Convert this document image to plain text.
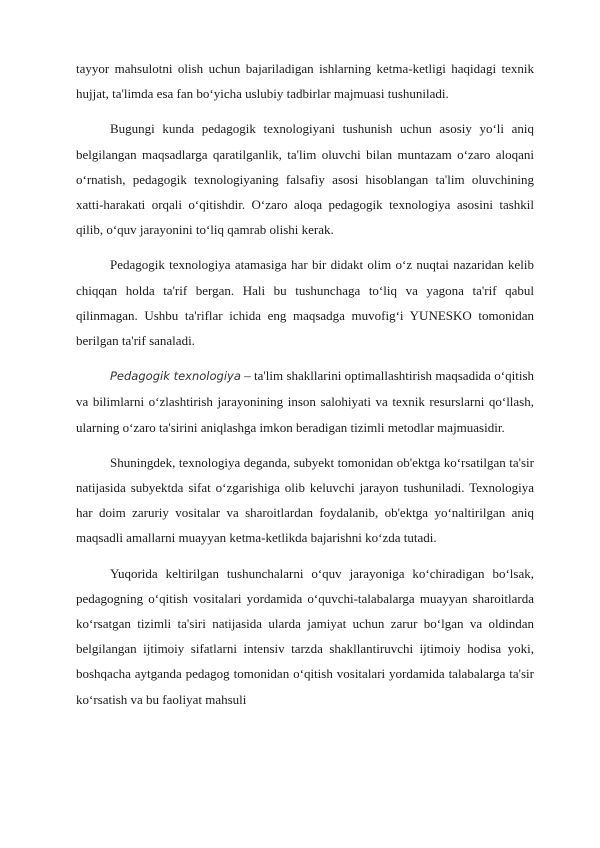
tayyor mahsulotni olish uchun bajariladigan ishlarning ketma-ketligi haqidagi texnik hujjat, ta'limda esa fan bo‘yicha uslubiy tadbirlar majmuasi tushuniladi.

Bugungi kunda pedagogik texnologiyani tushunish uchun asosiy yo‘li aniq belgilangan maqsadlarga qaratilganlik, ta'lim oluvchi bilan muntazam o‘zaro aloqani o‘rnatish, pedagogik texnologiyaning falsafiy asosi hisoblangan ta'lim oluvchining xatti-harakati orqali o‘qitishdir. O‘zaro aloqa pedagogik texnologiya asosini tashkil qilib, o‘quv jarayonini to‘liq qamrab olishi kerak.

Pedagogik texnologiya atamasiga har bir didakt olim o‘z nuqtai nazaridan kelib chiqqan holda ta'rif bergan. Hali bu tushunchaga to‘liq va yagona ta'rif qabul qilinmagan. Ushbu ta'riflar ichida eng maqsadga muvofig‘i YUNESKO tomonidan berilgan ta'rif sanaladi.

Pedagogik texnologiya – ta'lim shakllarini optimallashtirish maqsadida o‘qitish va bilimlarni o‘zlashtirish jarayonining inson salohiyati va texnik resurslarni qo‘llash, ularning o‘zaro ta'sirini aniqlashga imkon beradigan tizimli metodlar majmuasidir.

Shuningdek, texnologiya deganda, subyekt tomonidan ob'ektga ko‘rsatilgan ta'sir natijasida subyektda sifat o‘zgarishiga olib keluvchi jarayon tushuniladi. Texnologiya har doim zaruriy vositalar va sharoitlardan foydalanib, ob'ektga yo‘naltirilgan aniq maqsadli amallarni muayyan ketma-ketlikda bajarishni ko‘zda tutadi.

Yuqorida keltirilgan tushunchalarni o‘quv jarayoniga ko‘chiradigan bo‘lsak, pedagogning o‘qitish vositalari yordamida o‘quvchi-talabalarga muayyan sharoitlarda ko‘rsatgan tizimli ta'siri natijasida ularda jamiyat uchun zarur bo‘lgan va oldindan belgilangan ijtimoiy sifatlarni intensiv tarzda shakllantiruvchi ijtimoiy hodisa yoki, boshqacha aytganda pedagog tomonidan o‘qitish vositalari yordamida talabalarga ta'sir ko‘rsatish va bu faoliyat mahsuli
